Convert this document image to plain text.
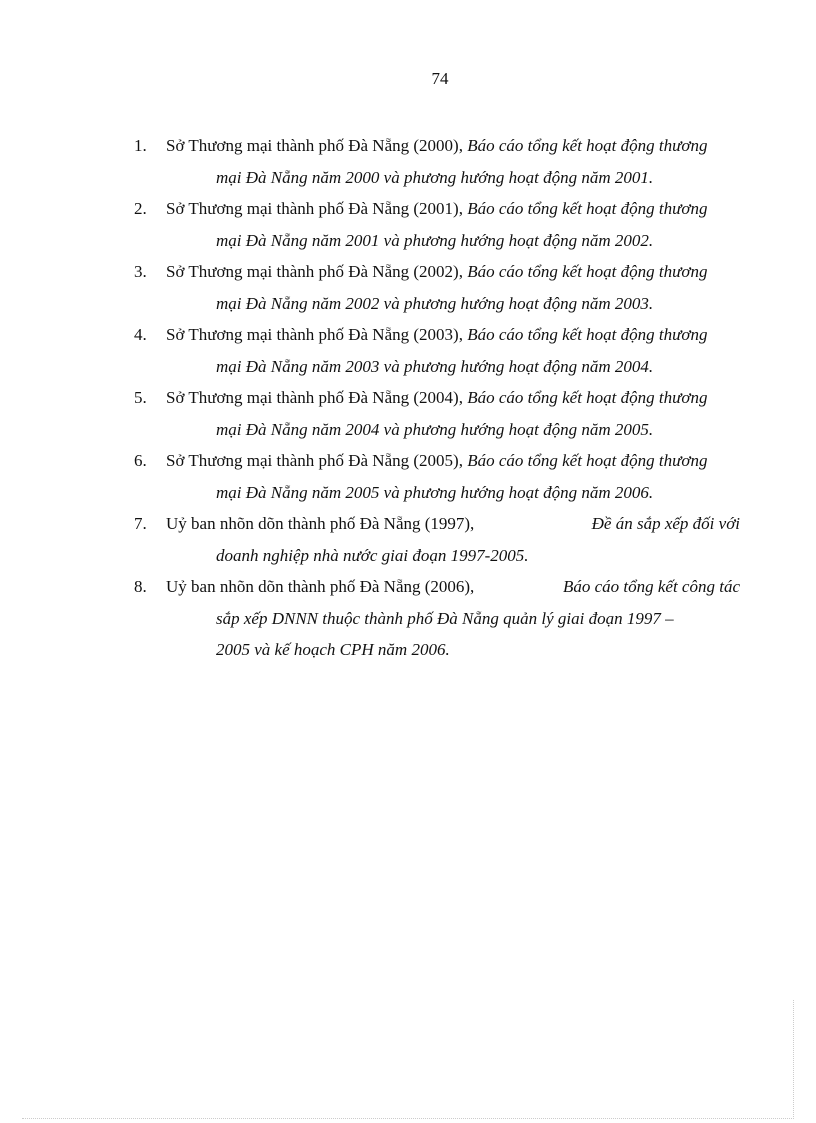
74
1. Sở Thương mại thành phố Đà Nẵng (2000), Báo cáo tổng kết hoạt động thương
mại Đà Nẵng năm 2000 và phương hướng hoạt động năm 2001.
2. Sở Thương mại thành phố Đà Nẵng (2001), Báo cáo tổng kết hoạt động thương
mại Đà Nẵng năm 2001 và phương hướng hoạt động năm 2002.
3. Sở Thương mại thành phố Đà Nẵng (2002), Báo cáo tổng kết hoạt động thương
mại Đà Nẵng năm 2002 và phương hướng hoạt động năm 2003.
4. Sở Thương mại thành phố Đà Nẵng (2003), Báo cáo tổng kết hoạt động thương
mại Đà Nẵng năm 2003 và phương hướng hoạt động năm 2004.
5. Sở Thương mại thành phố Đà Nẵng (2004), Báo cáo tổng kết hoạt động thương
mại Đà Nẵng năm 2004 và phương hướng hoạt động năm 2005.
6. Sở Thương mại thành phố Đà Nẵng (2005), Báo cáo tổng kết hoạt động thương
mại Đà Nẵng năm 2005 và phương hướng hoạt động năm 2006.
7. Uỷ ban nhõn dõn thành phố Đà Nẵng (1997),	Đề án sắp xếp đối với
doanh nghiệp nhà nước giai đoạn 1997-2005.
8. Uỷ ban nhõn dõn thành phố Đà Nẵng (2006),	Báo cáo tổng kết công tác
sắp xếp DNNN thuộc thành phố Đà Nẵng quản lý giai đoạn 1997 –
2005 và kế hoạch CPH năm 2006.
